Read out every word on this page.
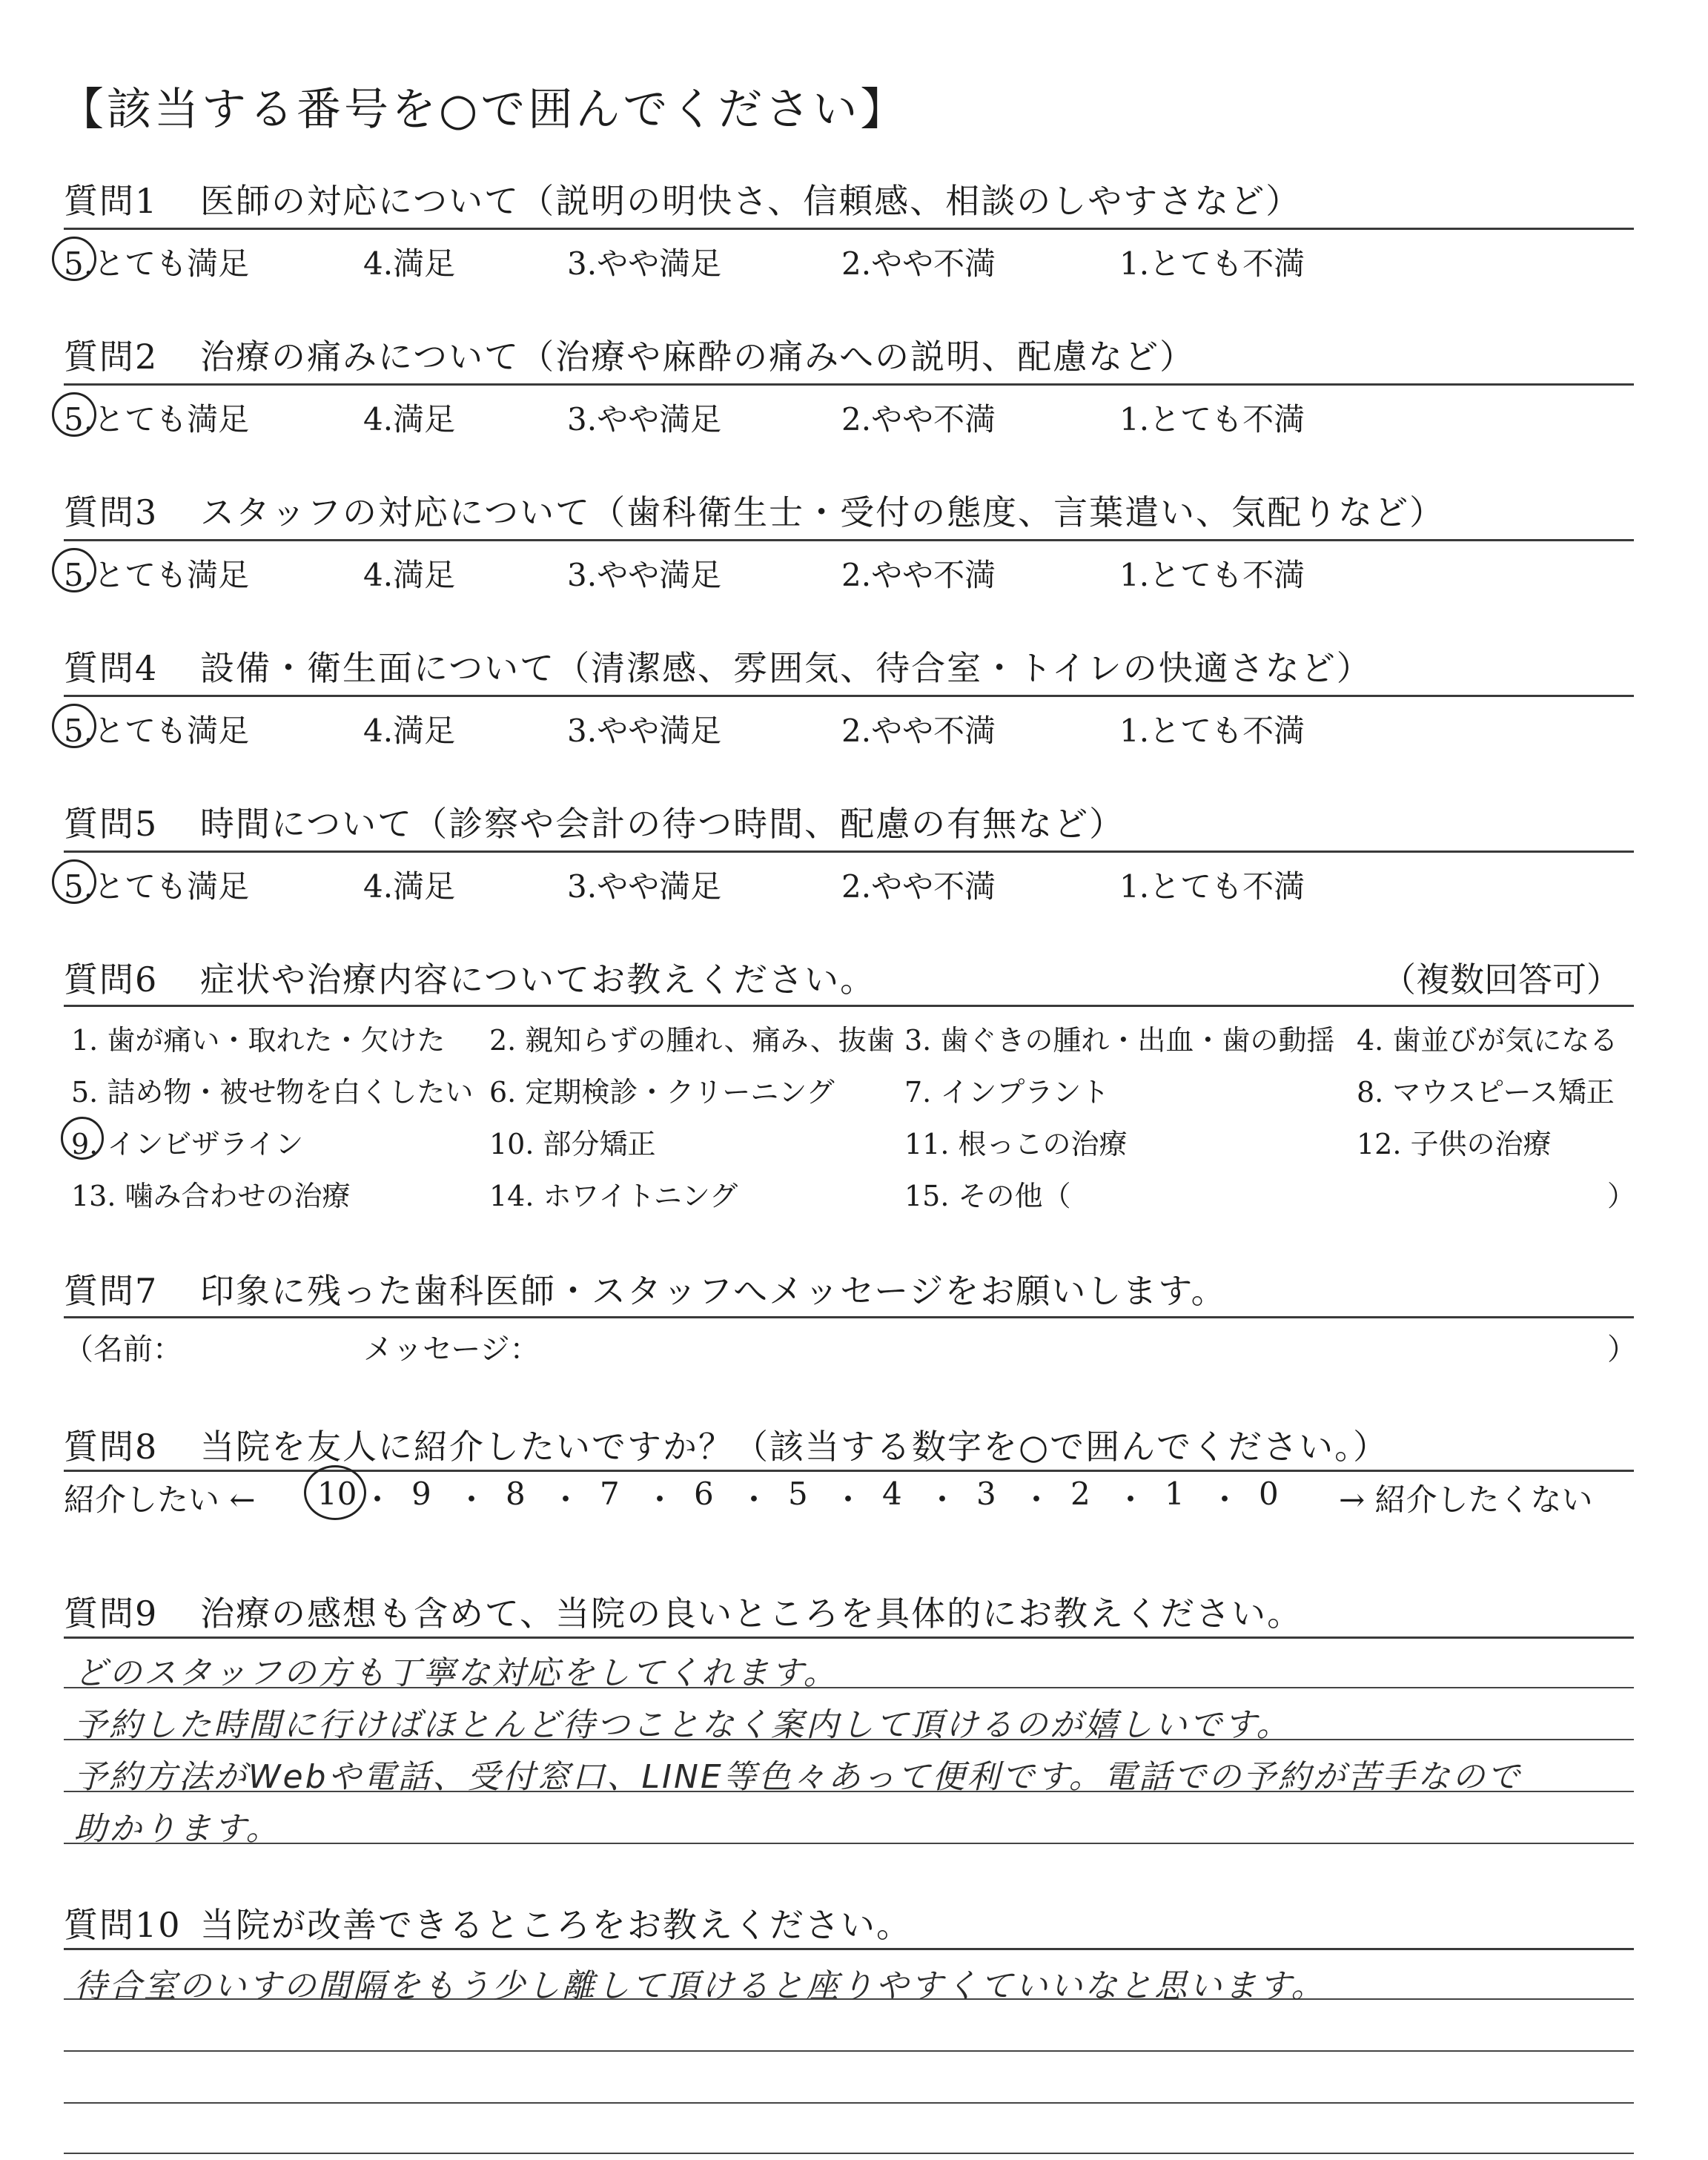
【該当する番号を○で囲んでください】
質問1 医師の対応について（説明の明快さ、信頼感、相談のしやすさなど）
5.とても満足	4.満足	3.やや満足	2.やや不満	1.とても不満
質問2 治療の痛みについて（治療や麻酔の痛みへの説明、配慮など）
5.とても満足	4.満足	3.やや満足	2.やや不満	1.とても不満
質問3 スタッフの対応について（歯科衛生士・受付の態度、言葉遣い、気配りなど）
5.とても満足	4.満足	3.やや満足	2.やや不満	1.とても不満
質問4 設備・衛生面について（清潔感、雰囲気、待合室・トイレの快適さなど）
5.とても満足	4.満足	3.やや満足	2.やや不満	1.とても不満
質問5 時間について（診察や会計の待つ時間、配慮の有無など）
5.とても満足	4.満足	3.やや満足	2.やや不満	1.とても不満
質問6 症状や治療内容についてお教えください。	（複数回答可）
1. 歯が痛い・取れた・欠けた 2. 親知らずの腫れ、痛み、抜歯 3. 歯ぐきの腫れ・出血・歯の動揺 4. 歯並びが気になる
5. 詰め物・被せ物を白くしたい 6. 定期検診・クリーニング 7. インプラント	8. マウスピース矯正
9. インビザライン	10. 部分矯正	11. 根っこの治療	12. 子供の治療
13. 噛み合わせの治療	14. ホワイトニング	15. その他（	）
質問7 印象に残った歯科医師・スタッフへメッセージをお願いします。
（名前：	メッセージ：	）
質問8 当院を友人に紹介したいですか？（該当する数字を○で囲んでください。）
紹介したい ← 10 ・ 9 ・ 8 ・ 7 ・ 6 ・ 5 ・ 4 ・ 3 ・ 2 ・ 1 ・ 0 → 紹介したくない
質問9 治療の感想も含めて、当院の良いところを具体的にお教えください。
どのスタッフの方も丁寧な対応をしてくれます。
予約した時間に行けばほとんど待つことなく案内して頂けるのが嬉しいです。
予約方法がWebや電話、受付窓口、LINE等色々あって便利です。電話での予約が苦手なので
助かります。
質問10 当院が改善できるところをお教えください。
待合室のいすの間隔をもう少し離して頂けると座りやすくていいなと思います。
